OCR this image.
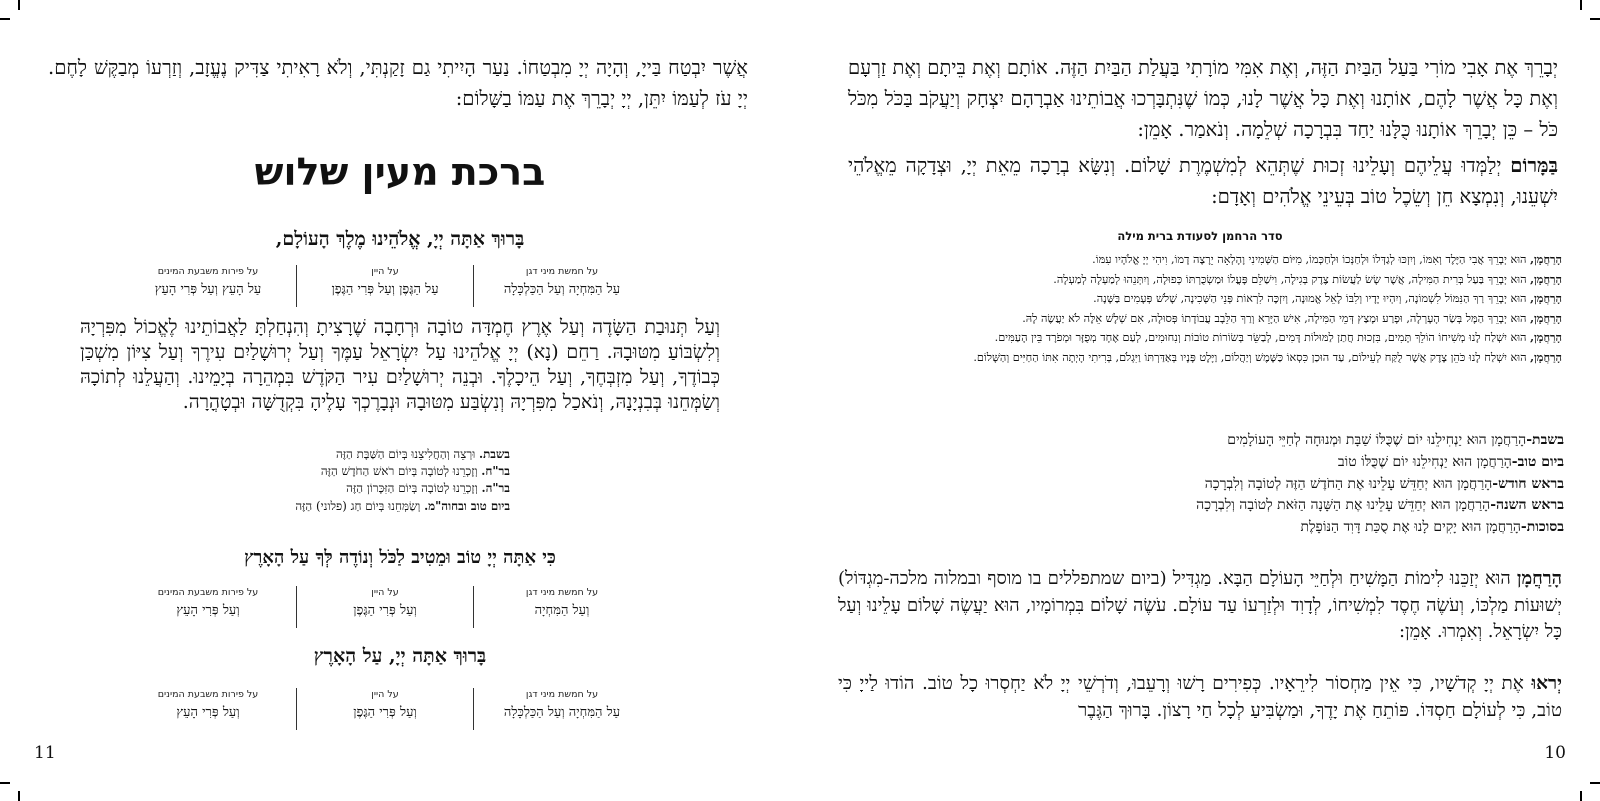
אֲשֶׁר יִבְטַח בַּייָ, וְהָיָה יְיָ מִבְטַחוֹ. נַעַר הָיִיתִי גַם זָקַנְתִּי, וְלֹא רָאִיתִי צַדִּיק נֶעֱזָב, וְזַרְעוֹ מְבַקֶּשׁ לָחֶם. יְיָ עֹז לְעַמּוֹ יִתֵּן, יְיָ יְבָרֵךְ אֶת עַמּוֹ בַשָּׁלוֹם:

ברכת מעין שלוש
בָּרוּךְ אַתָּה יְיָ, אֱלֹהֵינוּ מֶלֶךְ הָעוֹלָם,
על חמשת מיני דגן
עַל הַמִּחְיָה וְעַל הַכַּלְכָּלָה
על היין
עַל הַגֶּפֶן וְעַל פְּרִי הַגֶּפֶן
על פירות משבעת המינים
עַל הָעֵץ וְעַל פְּרִי הָעֵץ

וְעַל תְּנוּבַת הַשָּׂדֶה וְעַל אֶרֶץ חֶמְדָּה טוֹבָה וּרְחָבָה שֶׁרָצִיתָ וְהִנְחַלְתָּ לַאֲבוֹתֵינוּ לֶאֱכוֹל מִפִּרְיָהּ וְלִשְׂבּוֹעַ מִטּוּבָהּ. רַחֵם (נָא) יְיָ אֱלֹהֵינוּ עַל יִשְׂרָאֵל עַמֶּךָ וְעַל יְרוּשָׁלַיִם עִירֶךָ וְעַל צִיּוֹן מִשְׁכַּן כְּבוֹדֶךָ, וְעַל מִזְבְּחֶךָ, וְעַל הֵיכָלֶךָ. וּבְנֵה יְרוּשָׁלַיִם עִיר הַקֹּדֶשׁ בִּמְהֵרָה בְיָמֵינוּ. וְהַעֲלֵנוּ לְתוֹכָהּ וְשַׂמְּחֵנוּ בְּבִנְיָנָהּ, וְנֹאכַל מִפִּרְיָהּ וְנִשְׂבַּע מִטּוּבָהּ וּנְבָרֶכְךָ עָלֶיהָ בִּקְדֻשָּׁה וּבְטָהֳרָה.

בשבת. וּרְצֵה וְהַחֲלִיצֵנוּ בְּיוֹם הַשַּׁבָּת הַזֶּה
בר"ח. וְזָכְרֵנוּ לְטוֹבָה בְּיוֹם רֹאשׁ הַחֹדֶשׁ הַזֶּה
בר"ה. וְזָכְרֵנוּ לְטוֹבָה בְּיוֹם הַזִּכָּרוֹן הַזֶּה
ביום טוב ובחוה"מ. וְשַׂמְּחֵנוּ בְּיוֹם חַג (פלוני) הַזֶּה
כִּי אַתָּה יְיָ טוֹב וּמֵטִיב לַכֹּל וְנוֹדֶה לְּךָ עַל הָאָרֶץ
על חמשת מיני דגן
וְעַל הַמִּחְיָה
על היין
וְעַל פְּרִי הַגֶּפֶן
על פירות משבעת המינים
וְעַל פְּרִי הָעֵץ
בָּרוּךְ אַתָּה יְיָ, עַל הָאָרֶץ
על חמשת מיני דגן
עַל הַמִּחְיָה וְעַל הַכַּלְכָּלָה
על היין
וְעַל פְּרִי הַגֶּפֶן
על פירות משבעת המינים
וְעַל פְּרִי הָעֵץ
11

יְבָרֵךְ אֶת אָבִי מוֹרִי בַּעַל הַבַּיִת הַזֶּה, וְאֶת אִמִּי מוֹרָתִי בַּעֲלַת הַבַּיִת הַזֶּה. אוֹתָם וְאֶת בֵּיתָם וְאֶת זַרְעָם וְאֶת כָּל אֲשֶׁר לָהֶם, אוֹתָנוּ וְאֶת כָּל אֲשֶׁר לָנוּ, כְּמוֹ שֶׁנִּתְבָּרְכוּ אֲבוֹתֵינוּ אַבְרָהָם יִצְחָק וְיַעֲקֹב בַּכֹּל מִכֹּל כֹּל – כֵּן יְבָרֵךְ אוֹתָנוּ כֻּלָּנוּ יַחַד בִּבְרָכָה שְׁלֵמָה. וְנֹאמַר. אָמֵן:

בַּמָּרוֹם יְלַמְּדוּ עֲלֵיהֶם וְעָלֵינוּ זְכוּת שֶׁתְּהֵא לְמִשְׁמֶרֶת שָׁלוֹם. וְנִשָּׂא בְרָכָה מֵאֵת יְיָ, וּצְדָקָה מֵאֱלֹהֵי יִשְׁעֵנוּ, וְנִמְצָא חֵן וְשֵׂכֶל טוֹב בְּעֵינֵי אֱלֹהִים וְאָדָם:

סדר הרחמן לסעודת ברית מילה

הָרַחֲמָן, הוּא יְבָרֵךְ אֲבִי הַיֶּלֶד וְאִמּוֹ, וְיִזְכּוּ לְגַדְּלוֹ וּלְחַנְּכוֹ וּלְחַכְּמוֹ, מִיּוֹם הַשְּׁמִינִי וָהָלְאָה יֵרָצֶה דָמוֹ, וִיהִי יְיָ אֱלֹהָיו עִמּוֹ.

הָרַחֲמָן, הוּא יְבָרֵךְ בַּעַל בְּרִית הַמִּילָה, אֲשֶׁר שָׂשׂ לַעֲשׂוֹת צֶדֶק בְּגִילָה, וִישַׁלֵּם פָּעֳלוֹ וּמַשְׂכֻּרְתּוֹ כְּפוּלָה, וְיִתְּנֵהוּ לְמַעְלָה לְמַעְלָה.

הָרַחֲמָן, הוּא יְבָרֵךְ רַךְ הַנִּמּוֹל לִשְׁמוֹנָה, וְיִהְיוּ יָדָיו וְלִבּוֹ לָאֵל אֱמוּנָה, וְיִזְכֶּה לִרְאוֹת פְּנֵי הַשְּׁכִינָה, שָׁלֹשׁ פְּעָמִים בַּשָּׁנָה.

הָרַחֲמָן, הוּא יְבָרֵךְ הַמָּל בְּשַׂר הָעָרְלָה, וּפָרַע וּמָצַץ דְּמֵי הַמִּילָה, אִישׁ הַיָּרֵא וְרַךְ הַלֵּבָב עֲבוֹדָתוֹ פְּסוּלָה, אִם שְׁלָשׁ אֵלֶּה לֹא יַעֲשֶׂה לָהּ.

הָרַחֲמָן, הוּא יִשְׁלַח לָנוּ מְשִׁיחוֹ הוֹלֵךְ תָּמִים, בִּזְכוּת חֲתַן לַמּוּלוֹת דָּמִים, לְבַשֵּׂר בְּשׂוֹרוֹת טוֹבוֹת וְנִחוּמִים, לְעַם אֶחָד מְפֻזָּר וּמְפֹרָד בֵּין הָעַמִּים.

הָרַחֲמָן, הוּא יִשְׁלַח לָנוּ כֹּהֵן צֶדֶק אֲשֶׁר לֻקַּח לְעֵילוֹם, עַד הוּכַן כִּסְאוֹ כַּשֶּׁמֶשׁ וְיַהֲלוֹם, וַיָּלֶט פָּנָיו בְּאַדַּרְתּוֹ וַיִּגְלֹם, בְּרִיתִי הָיְתָה אִתּוֹ הַחַיִּים וְהַשָּׁלוֹם.

בשבת-הָרַחֲמָן הוּא יַנְחִילֵנוּ יוֹם שֶׁכֻּלּוֹ שַׁבָּת וּמְנוּחָה לְחַיֵּי הָעוֹלָמִים
ביום טוב-הָרַחֲמָן הוּא יַנְחִילֵנוּ יוֹם שֶׁכֻּלּוֹ טוֹב
בראש חודש-הָרַחֲמָן הוּא יְחַדֵּשׁ עָלֵינוּ אֶת הַחֹדֶשׁ הַזֶּה לְטוֹבָה וְלִבְרָכָה
בראש השנה-הָרַחֲמָן הוּא יְחַדֵּשׁ עָלֵינוּ אֶת הַשָּׁנָה הַזֹּאת לְטוֹבָה וְלִבְרָכָה
בסוכות-הָרַחֲמָן הוּא יָקִים לָנוּ אֶת סֻכַּת דָּוִד הַנּוֹפָלֶת

הָרַחֲמָן הוּא יְזַכֵּנוּ לִימוֹת הַמָּשִׁיחַ וּלְחַיֵּי הָעוֹלָם הַבָּא. מַגְדִּיל (ביום שמתפללים בו מוסף ובמלוה מלכה-מִגְדּוֹל) יְשׁוּעוֹת מַלְכּוֹ, וְעֹשֶׂה חֶסֶד לִמְשִׁיחוֹ, לְדָוִד וּלְזַרְעוֹ עַד עוֹלָם. עֹשֶׂה שָׁלוֹם בִּמְרוֹמָיו, הוּא יַעֲשֶׂה שָׁלוֹם עָלֵינוּ וְעַל כָּל יִשְׂרָאֵל. וְאִמְרוּ. אָמֵן:

יְראוּ אֶת יְיָ קְדֹשָׁיו, כִּי אֵין מַחְסוֹר לִירֵאָיו. כְּפִירִים רָשׁוּ וְרָעֵבוּ, וְדֹרְשֵׁי יְיָ לֹא יַחְסְרוּ כָל טוֹב. הוֹדוּ לַייָ כִּי טוֹב, כִּי לְעוֹלָם חַסְדּוֹ. פּוֹתֵחַ אֶת יָדֶךָ, וּמַשְׂבִּיעַ לְכָל חַי רָצוֹן. בָּרוּךְ הַגֶּבֶר

10
